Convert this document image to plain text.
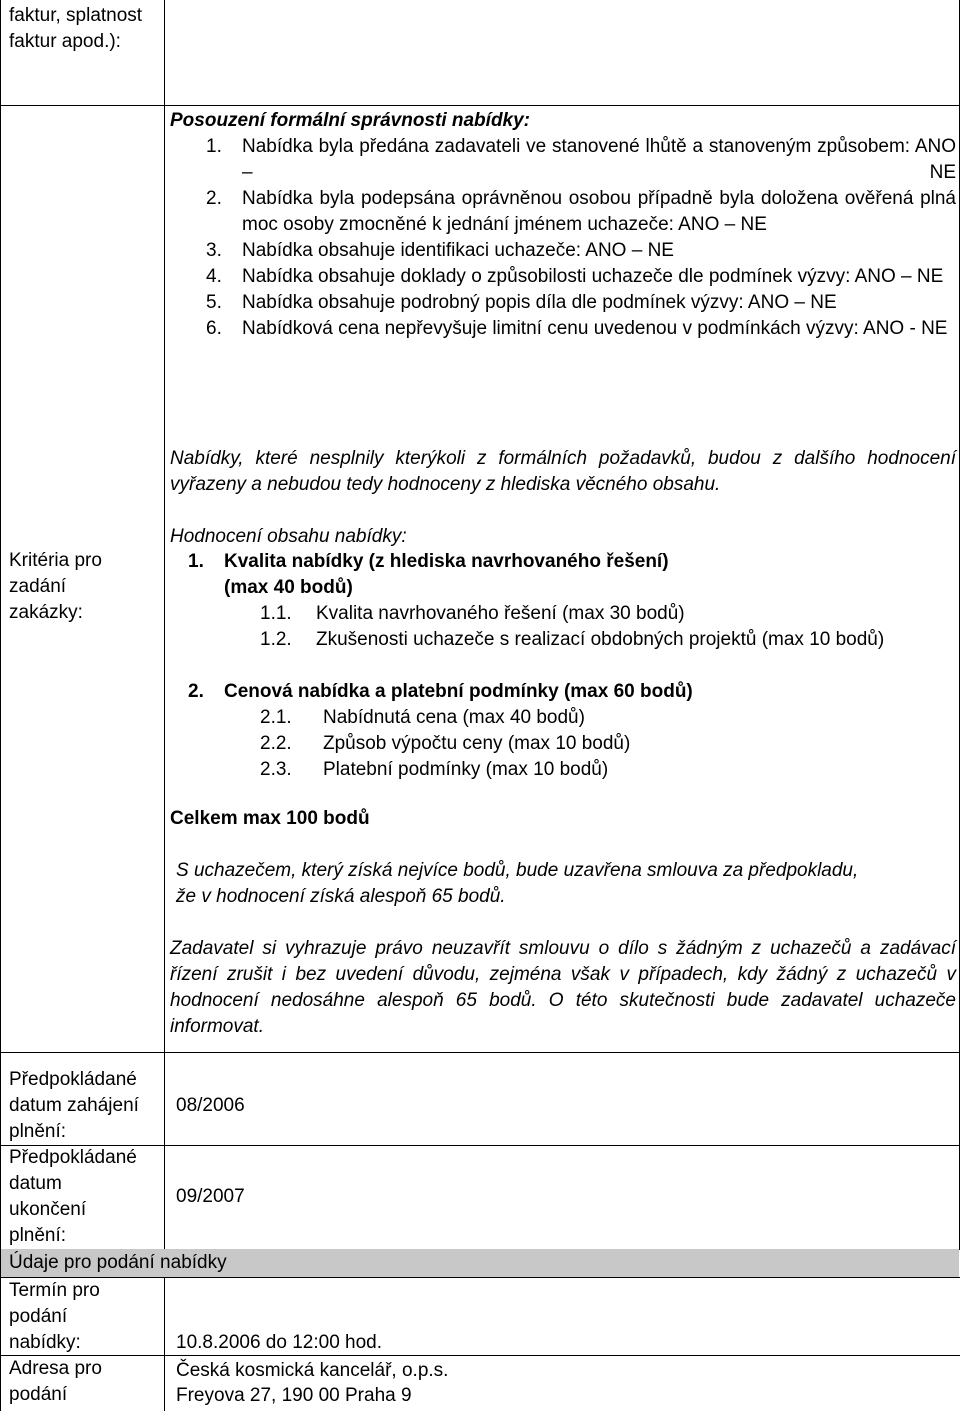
faktur, splatnost faktur apod.):
Kritéria pro zadání zakázky:
Posouzení formální správnosti nabídky:
1. Nabídka byla předána zadavateli ve stanovené lhůtě a stanoveným způsobem: ANO – NE
2. Nabídka byla podepsána oprávněnou osobou případně byla doložena ověřená plná moc osoby zmocněné k jednání jménem uchazeče: ANO – NE
3. Nabídka obsahuje identifikaci uchazeče: ANO – NE
4. Nabídka obsahuje doklady o způsobilosti uchazeče dle podmínek výzvy: ANO – NE
5. Nabídka obsahuje podrobný popis díla dle podmínek výzvy: ANO – NE
6. Nabídková cena nepřevyšuje limitní cenu uvedenou v podmínkách výzvy: ANO - NE
Nabídky, které nesplnily kterýkoli z formálních požadavků, budou z dalšího hodnocení vyřazeny a nebudou tedy hodnoceny z hlediska věcného obsahu.
Hodnocení obsahu nabídky:
1. Kvalita nabídky (z hlediska navrhovaného řešení)
(max 40 bodů)
1.1. Kvalita navrhovaného řešení (max 30 bodů)
1.2. Zkušenosti uchazeče s realizací obdobných projektů (max 10 bodů)
2. Cenová nabídka a platební podmínky (max 60 bodů)
2.1. Nabídnutá cena (max 40 bodů)
2.2. Způsob výpočtu ceny (max 10 bodů)
2.3. Platební podmínky (max 10 bodů)
Celkem max 100 bodů
S uchazečem, který získá nejvíce bodů, bude uzavřena smlouva za předpokladu, že v hodnocení získá alespoň 65 bodů.
Zadavatel si vyhrazuje právo neuzavřít smlouvu o dílo s žádným z uchazečů a zadávací řízení zrušit i bez uvedení důvodu, zejména však v případech, kdy žádný z uchazečů v hodnocení nedosáhne alespoň 65 bodů. O této skutečnosti bude zadavatel uchazeče informovat.
Předpokládané datum zahájení plnění:
08/2006
Předpokládané datum ukončení plnění:
09/2007
Údaje pro podání nabídky
Termín pro podání nabídky:	10.8.2006 do 12:00 hod.
Adresa pro podání
Česká kosmická kancelář, o.p.s.
Freyova 27, 190 00 Praha 9
